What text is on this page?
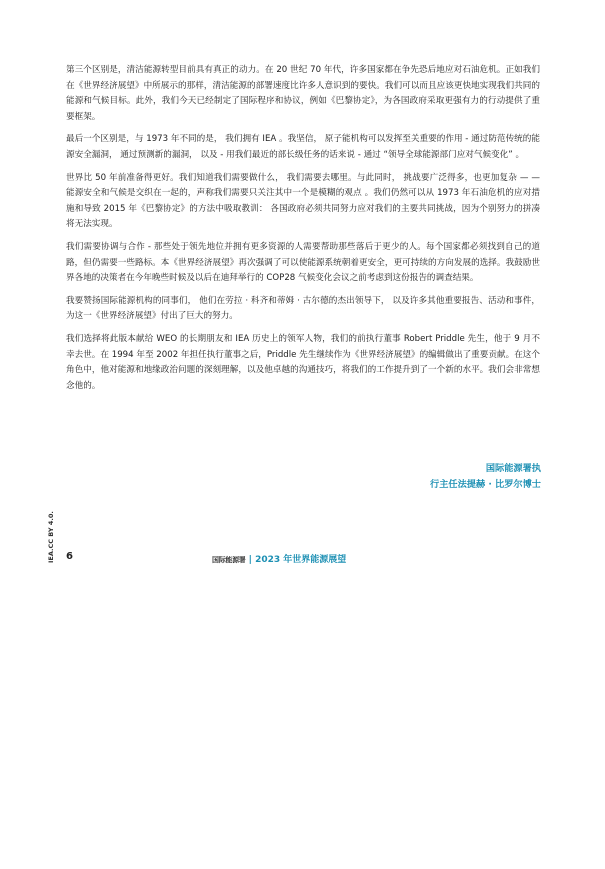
第三个区别是，清洁能源转型目前具有真正的动力。在 20 世纪 70 年代，许多国家都在争先恐后地应对石油危机。正如我们在《世界经济展望》中所展示的那样，清洁能源的部署速度比许多人意识到的要快。我们可以而且应该更快地实现我们共同的能源和气候目标。此外，我们今天已经制定了国际程序和协议，例如《巴黎协定》，为各国政府采取更强有力的行动提供了重要框架。

最后一个区别是，与 1973 年不同的是， 我们拥有 IEA 。我坚信， 原子能机构可以发挥至关重要的作用 - 通过防范传统的能源安全漏洞， 通过预测新的漏洞， 以及 - 用我们最近的部长级任务的话来说 - 通过 “领导全球能源部门应对气候变化” 。

世界比 50 年前准备得更好。我们知道我们需要做什么， 我们需要去哪里。与此同时， 挑战要广泛得多，也更加复杂 — — 能源安全和气候是交织在一起的，声称我们需要只关注其中一个是模糊的观点 。我们仍然可以从 1973 年石油危机的应对措施和导致 2015 年《巴黎协定》的方法中吸取教训： 各国政府必须共同努力应对我们的主要共同挑战，因为个别努力的拼凑将无法实现。

我们需要协调与合作 - 那些处于领先地位并拥有更多资源的人需要帮助那些落后于更少的人。每个国家都必须找到自己的道路，但仍需要一些路标。本《世界经济展望》再次强调了可以使能源系统朝着更安全，更可持续的方向发展的选择。我鼓励世界各地的决策者在今年晚些时候及以后在迪拜举行的 COP28 气候变化会议之前考虑到这份报告的调查结果。

我要赞扬国际能源机构的同事们， 他们在劳拉 · 科齐和蒂姆 · 古尔德的杰出领导下， 以及许多其他重要报告、活动和事件， 为这一《世界经济展望》付出了巨大的努力。

我们选择将此版本献给 WEO 的长期朋友和 IEA 历史上的领军人物，我们的前执行董事 Robert Priddle 先生，他于 9 月不幸去世。在 1994 年至 2002 年担任执行董事之后，Priddle 先生继续作为《世界经济展望》的编辑做出了重要贡献。在这个角色中，他对能源和地缘政治问题的深刻理解，以及他卓越的沟通技巧，将我们的工作提升到了一个新的水平。我们会非常想念他的。

国际能源署执
行主任法提赫 · 比罗尔博士
IEA.CC BY 4.0. 6	国际能源署 | 2023 年世界能源展望
